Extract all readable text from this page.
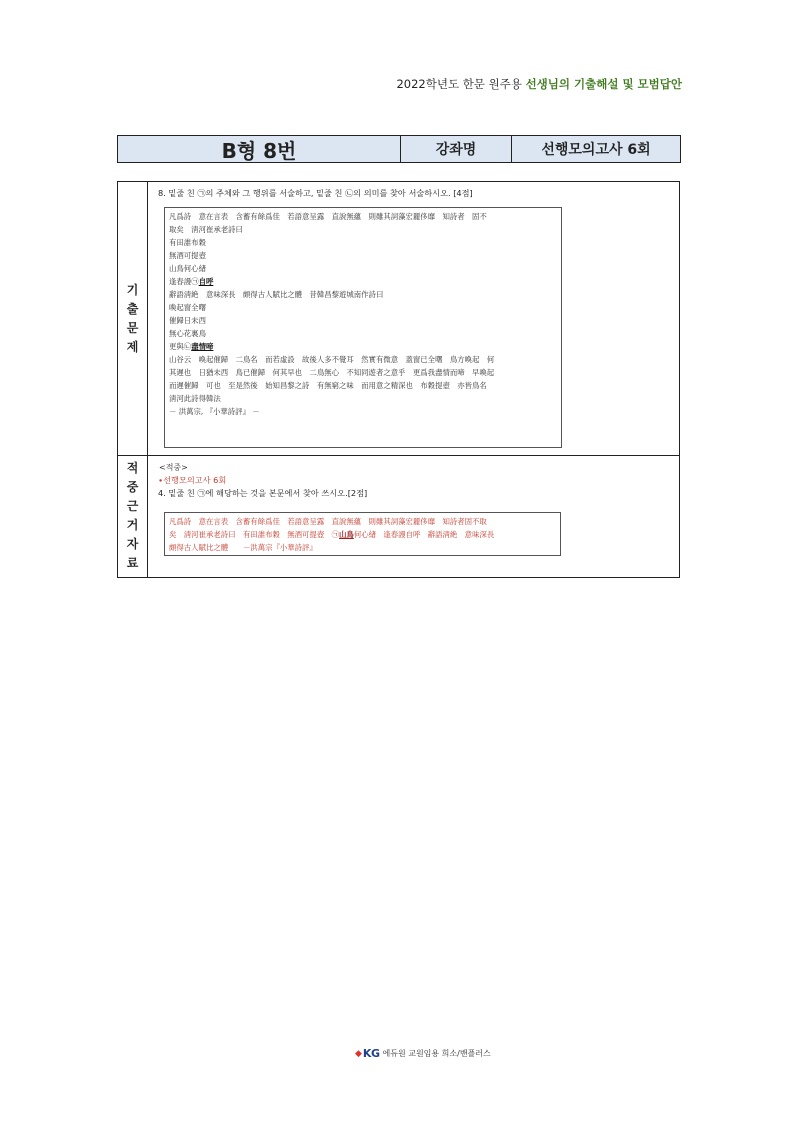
2022학년도 한문 원주용 선생님의 기출해설 및 모범답안
B형 8번	강좌명	선행모의고사 6회
기
출
문
제
8. 밑줄 친 ㉠의 주체와 그 행위를 서술하고, 밑줄 친 ㉡의 의미를 찾아 서술하시오. [4점]

凡爲詩　意在言表　含蓄有餘爲佳　若語意呈露　直說無蘊　則雖其詞藻宏麗侈靡　知詩者　固不

取矣　淸河崔承老詩曰

有田誰布穀

無酒可提壺

山鳥何心緖

逢春謾㉠自呼

辭語淸絶　意味深長　頗得古人賦比之體　昔韓昌黎遊城南作詩曰

喚起窗全曙

催歸日未西

無心花裏鳥

更與㉡盡情啼

山谷云　喚起催歸　二鳥名　而若虛設　故後人多不覺耳　然實有微意　蓋窗已全曙　鳥方喚起　何

其遲也　日猶未西　鳥已催歸　何其早也　二鳥無心　不知同遊者之意乎　更爲我盡情而啼　早喚起

而遲催歸　可也　至是然後　始知昌黎之詩　有無窮之味　而用意之精深也　布穀提壺　亦皆鳥名

淸河此詩得韓法

－ 洪萬宗, 『小華詩評』 －

적
중
근
거
자
료
<적중>
∙선행모의고사 6회
4. 밑줄 친 ㉠에 해당하는 것을 본문에서 찾아 쓰시오.[2점]

凡爲詩　意在言表　含蓄有餘爲佳　若語意呈露　直說無蘊　則雖其詞藻宏麗侈靡　知詩者固不取

矣　淸河崔承老詩曰　有田誰布穀　無酒可提壺　㉠山鳥何心緖　逢春謾自呼　辭語淸絶　意味深長

頗得古人賦比之體　　－洪萬宗『小華詩評』

◆ KG 에듀원 교원임용 희소/밴플러스
